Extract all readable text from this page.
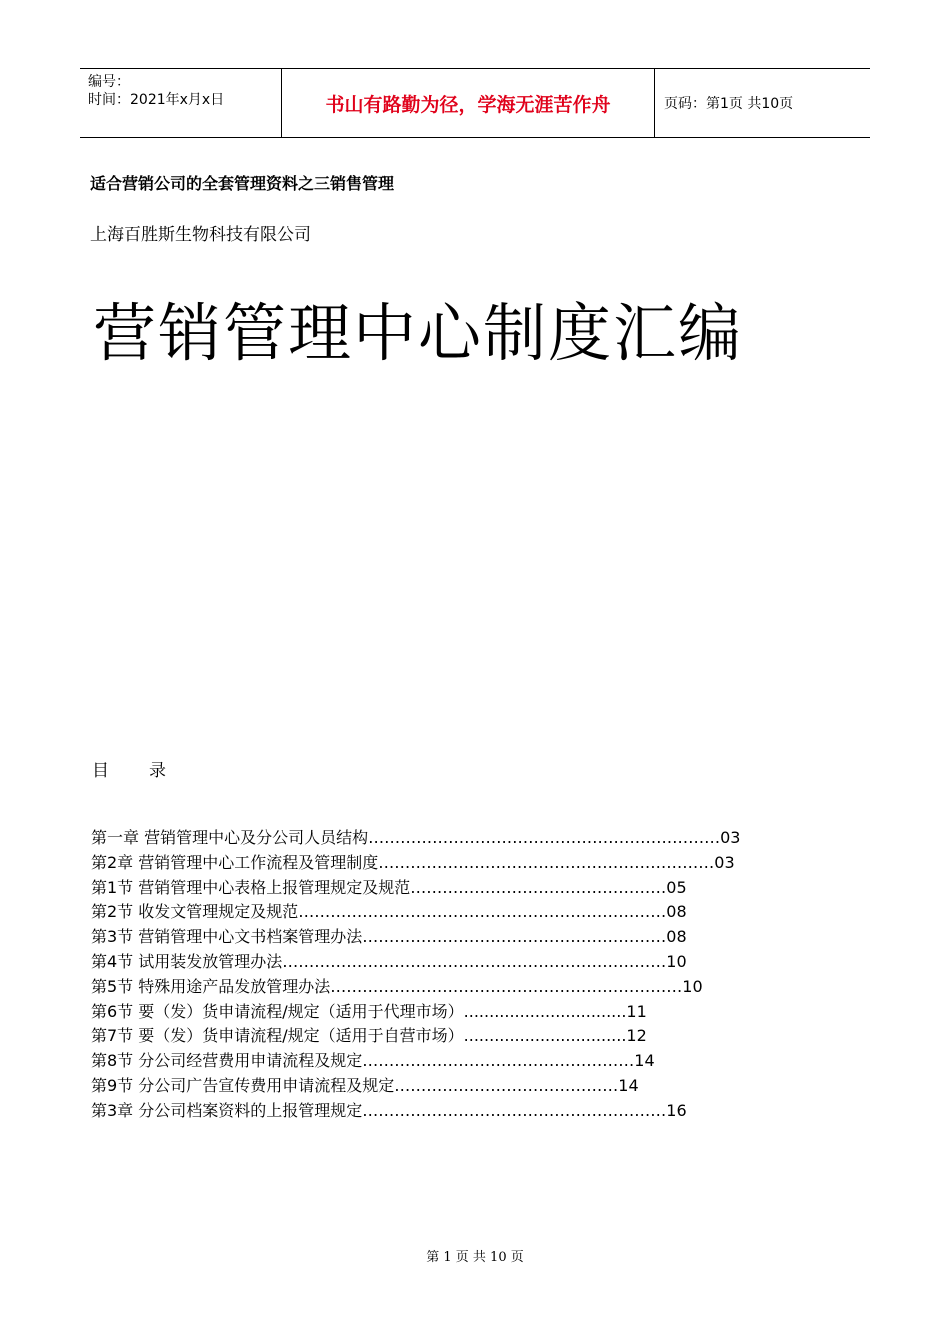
编号：
时间：2021年x月x日	书山有路勤为径，学海无涯苦作舟	页码：第1页 共10页
适合营销公司的全套管理资料之三销售管理
上海百胜斯生物科技有限公司
营销管理中心制度汇编
目录
第一章 营销管理中心及分公司人员结构 ………………………………………………………… 03
第2章 营销管理中心工作流程及管理制度 ……………………………………………………… 03
第1节 营销管理中心表格上报管理规定及规范 ………………………………………… 05
第2节 收发文管理规定及规范 …………………………………………………………… 08
第3节 营销管理中心文书档案管理办法 ………………………………………………… 08
第4节 试用装发放管理办法 ……………………………………………………………… 10
第5节 特殊用途产品发放管理办法 ………………………………………………………… 10
第6节 要（发）货申请流程/规定（适用于代理市场） ................................ 11
第7节 要（发）货申请流程/规定（适用于自营市场） ................................ 12
第8节 分公司经营费用申请流程及规定 …………………………………………… 14
第9节 分公司广告宣传费用申请流程及规定 …………………………………… 14
第3章 分公司档案资料的上报管理规定 ………………………………………………… 16
第 1 页 共 10 页
